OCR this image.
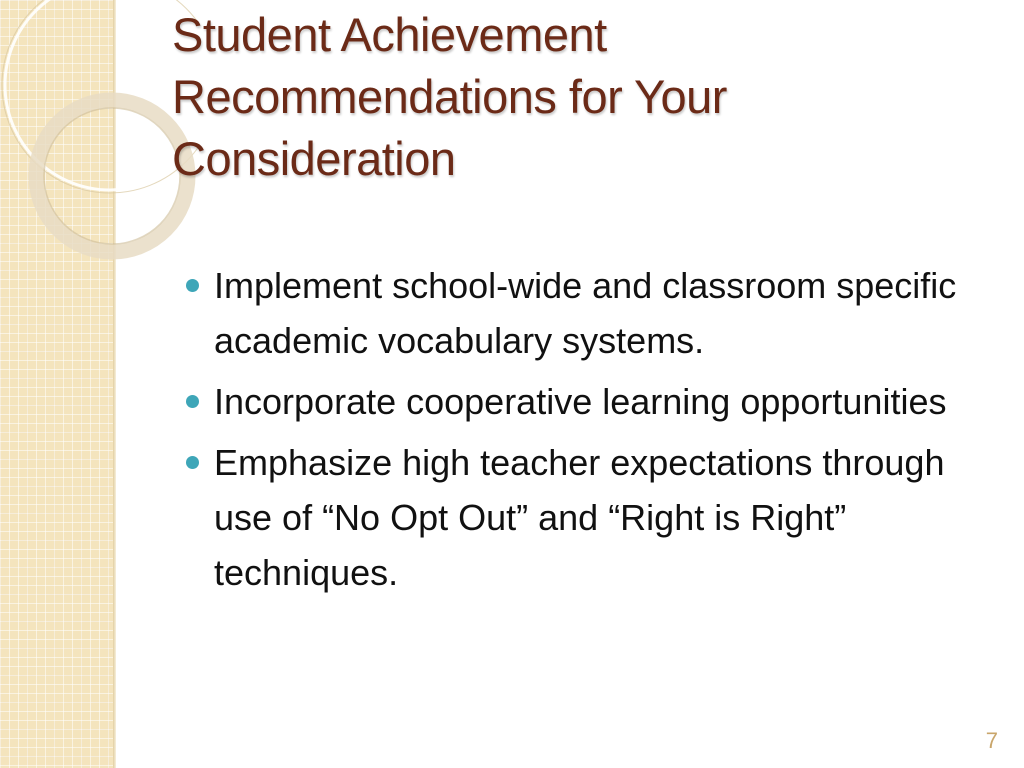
Student Achievement
Recommendations for Your
Consideration
Implement school-wide and classroom specific academic vocabulary systems.
Incorporate cooperative learning opportunities
Emphasize high teacher expectations through use of “No Opt Out” and “Right is Right” techniques.
7
